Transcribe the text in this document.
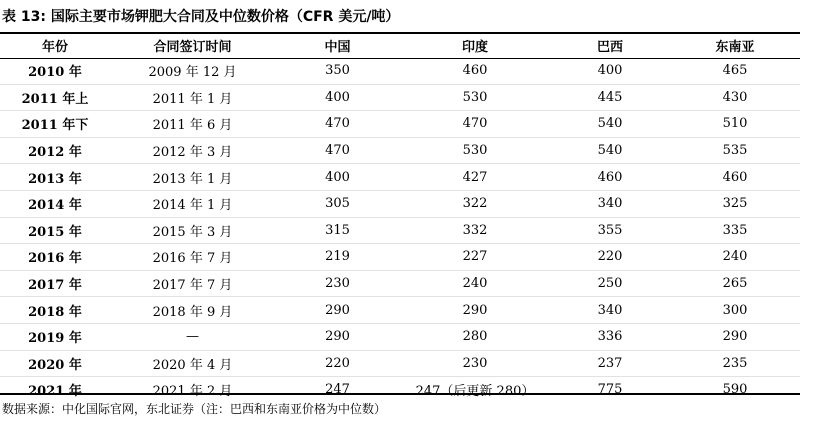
表 13: 国际主要市场钾肥大合同及中位数价格（CFR 美元/吨）
年份	合同签订时间	中国	印度	巴西	东南亚
2010 年	2009 年 12 月	350	460	400	465
2011 年上	2011 年 1 月	400	530	445	430
2011 年下	2011 年 6 月	470	470	540	510
2012 年	2012 年 3 月	470	530	540	535
2013 年	2013 年 1 月	400	427	460	460
2014 年	2014 年 1 月	305	322	340	325
2015 年	2015 年 3 月	315	332	355	335
2016 年	2016 年 7 月	219	227	220	240
2017 年	2017 年 7 月	230	240	250	265
2018 年	2018 年 9 月	290	290	340	300
2019 年	—	290	280	336	290
2020 年	2020 年 4 月	220	230	237	235
2021 年	2021 年 2 月	247	247（后更新 280）	775	590
数据来源：中化国际官网，东北证券（注：巴西和东南亚价格为中位数）
